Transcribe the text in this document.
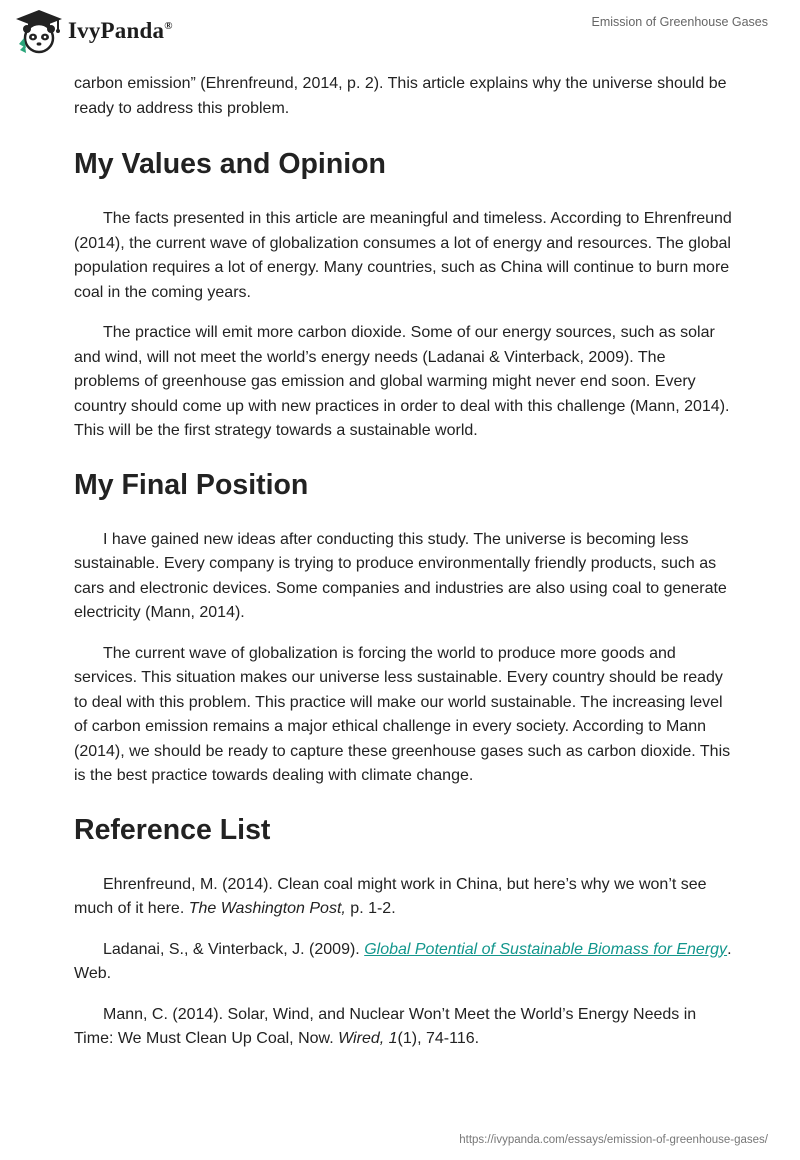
IvyPanda®	Emission of Greenhouse Gases

carbon emission” (Ehrenfreund, 2014, p. 2). This article explains why the universe should be ready to address this problem.

My Values and Opinion

The facts presented in this article are meaningful and timeless. According to Ehrenfreund (2014), the current wave of globalization consumes a lot of energy and resources. The global population requires a lot of energy. Many countries, such as China will continue to burn more coal in the coming years.

The practice will emit more carbon dioxide. Some of our energy sources, such as solar and wind, will not meet the world’s energy needs (Ladanai & Vinterback, 2009). The problems of greenhouse gas emission and global warming might never end soon. Every country should come up with new practices in order to deal with this challenge (Mann, 2014). This will be the first strategy towards a sustainable world.

My Final Position

I have gained new ideas after conducting this study. The universe is becoming less sustainable. Every company is trying to produce environmentally friendly products, such as cars and electronic devices. Some companies and industries are also using coal to generate electricity (Mann, 2014).

The current wave of globalization is forcing the world to produce more goods and services. This situation makes our universe less sustainable. Every country should be ready to deal with this problem. This practice will make our world sustainable. The increasing level of carbon emission remains a major ethical challenge in every society. According to Mann (2014), we should be ready to capture these greenhouse gases such as carbon dioxide. This is the best practice towards dealing with climate change.

Reference List

Ehrenfreund, M. (2014). Clean coal might work in China, but here’s why we won’t see much of it here. The Washington Post, p. 1-2.

Ladanai, S., & Vinterback, J. (2009). Global Potential of Sustainable Biomass for Energy. Web.

Mann, C. (2014). Solar, Wind, and Nuclear Won’t Meet the World’s Energy Needs in Time: We Must Clean Up Coal, Now. Wired, 1(1), 74-116.

https://ivypanda.com/essays/emission-of-greenhouse-gases/
